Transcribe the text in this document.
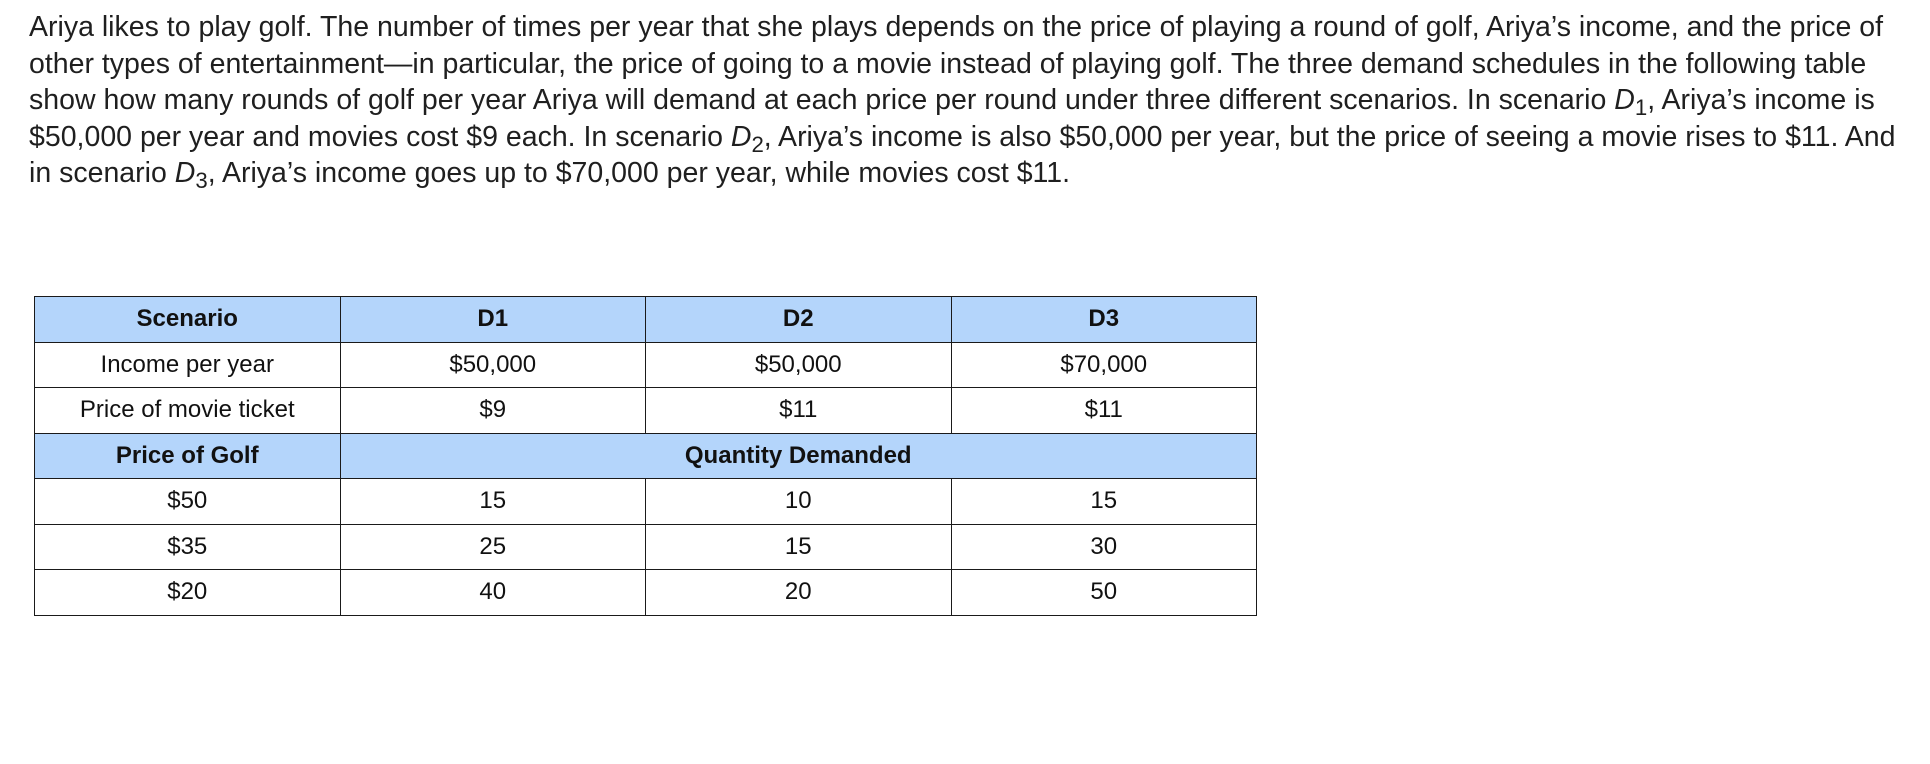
Ariya likes to play golf. The number of times per year that she plays depends on the price of playing a round of golf, Ariya’s income, and the price of other types of entertainment—in particular, the price of going to a movie instead of playing golf. The three demand schedules in the following table show how many rounds of golf per year Ariya will demand at each price per round under three different scenarios. In scenario $D_1$, Ariya’s income is $50,000 per year and movies cost $9 each. In scenario $D_2$, Ariya’s income is also $50,000 per year, but the price of seeing a movie rises to $11. And in scenario $D_3$, Ariya’s income goes up to $70,000 per year, while movies cost $11.

Scenario	D1	D2	D3
Income per year	$50,000	$50,000	$70,000
Price of movie ticket	$9	$11	$11
Price of Golf	Quantity Demanded		
$50	15	10	15
$35	25	15	30
$20	40	20	50
